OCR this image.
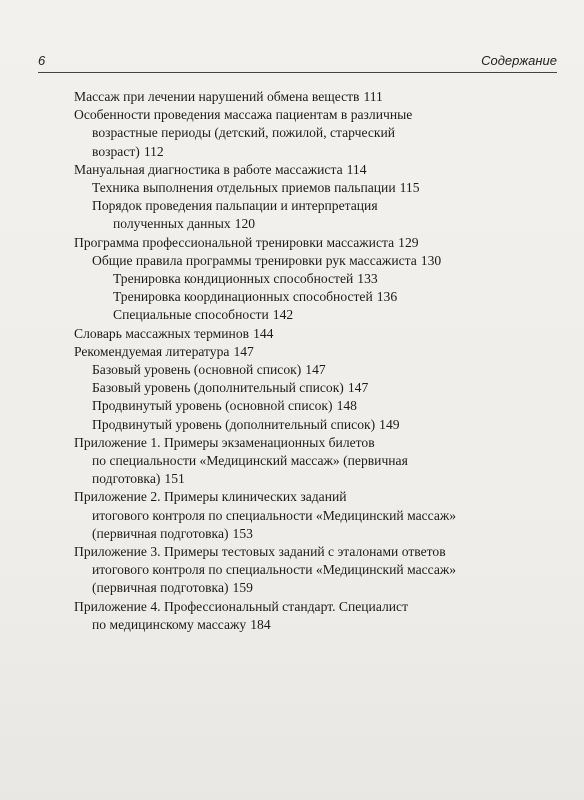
6	Содержание
Массаж при лечении нарушений обмена веществ 111
Особенности проведения массажа пациентам в различные
возрастные периоды (детский, пожилой, старческий
возраст) 112
Мануальная диагностика в работе массажиста 114
Техника выполнения отдельных приемов пальпации 115
Порядок проведения пальпации и интерпретация
полученных данных 120
Программа профессиональной тренировки массажиста 129
Общие правила программы тренировки рук массажиста 130
Тренировка кондиционных способностей 133
Тренировка координационных способностей 136
Специальные способности 142
Словарь массажных терминов 144
Рекомендуемая литература 147
Базовый уровень (основной список) 147
Базовый уровень (дополнительный список) 147
Продвинутый уровень (основной список) 148
Продвинутый уровень (дополнительный список) 149
Приложение 1. Примеры экзаменационных билетов
по специальности «Медицинский массаж» (первичная
подготовка) 151
Приложение 2. Примеры клинических заданий
итогового контроля по специальности «Медицинский массаж»
(первичная подготовка) 153
Приложение 3. Примеры тестовых заданий с эталонами ответов
итогового контроля по специальности «Медицинский массаж»
(первичная подготовка) 159
Приложение 4. Профессиональный стандарт. Специалист
по медицинскому массажу 184
